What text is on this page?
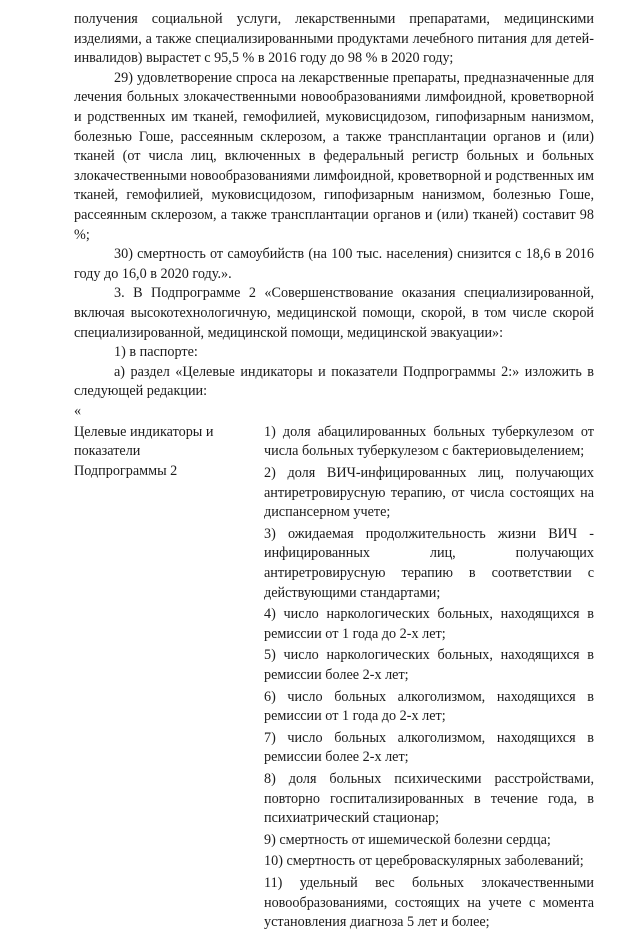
получения социальной услуги, лекарственными препаратами, медицинскими изделиями, а также специализированными продуктами лечебного питания для детей-инвалидов) вырастет с 95,5 % в 2016 году до 98 % в 2020 году;

29) удовлетворение спроса на лекарственные препараты, предназначенные для лечения больных злокачественными новообразованиями лимфоидной, кроветворной и родственных им тканей, гемофилией, муковисцидозом, гипофизарным нанизмом, болезнью Гоше, рассеянным склерозом, а также трансплантации органов и (или) тканей (от числа лиц, включенных в федеральный регистр больных и больных злокачественными новообразованиями лимфоидной, кроветворной и родственных им тканей, гемофилией, муковисцидозом, гипофизарным нанизмом, болезнью Гоше, рассеянным склерозом, а также трансплантации органов и (или) тканей) составит 98 %;

30) смертность от самоубийств (на 100 тыс. населения) снизится с 18,6 в 2016 году до 16,0 в 2020 году.».

3. В Подпрограмме 2 «Совершенствование оказания специализированной, включая высокотехнологичную, медицинской помощи, скорой, в том числе скорой специализированной, медицинской помощи, медицинской эвакуации»:

1) в паспорте:

а) раздел «Целевые индикаторы и показатели Подпрограммы 2:» изложить в следующей редакции:

«

Целевые индикаторы и
показатели
Подпрограммы 2

1) доля абацилированных больных туберкулезом от числа больных туберкулезом с бактериовыделением;

2) доля ВИЧ-инфицированных лиц, получающих антиретровирусную терапию, от числа состоящих на диспансерном учете;

3) ожидаемая продолжительность жизни ВИЧ - инфицированных лиц, получающих антиретровирусную терапию в соответствии с действующими стандартами;

4) число наркологических больных, находящихся в ремиссии от 1 года до 2-х лет;

5) число наркологических больных, находящихся в ремиссии более 2-х лет;

6) число больных алкоголизмом, находящихся в ремиссии от 1 года до 2-х лет;

7) число больных алкоголизмом, находящихся в ремиссии более 2-х лет;

8) доля больных психическими расстройствами, повторно госпитализированных в течение года, в психиатрический стационар;

9) смертность от ишемической болезни сердца;

10) смертность от цереброваскулярных заболеваний;

11) удельный вес больных злокачественными новообразованиями, состоящих на учете с момента установления диагноза 5 лет и более;
